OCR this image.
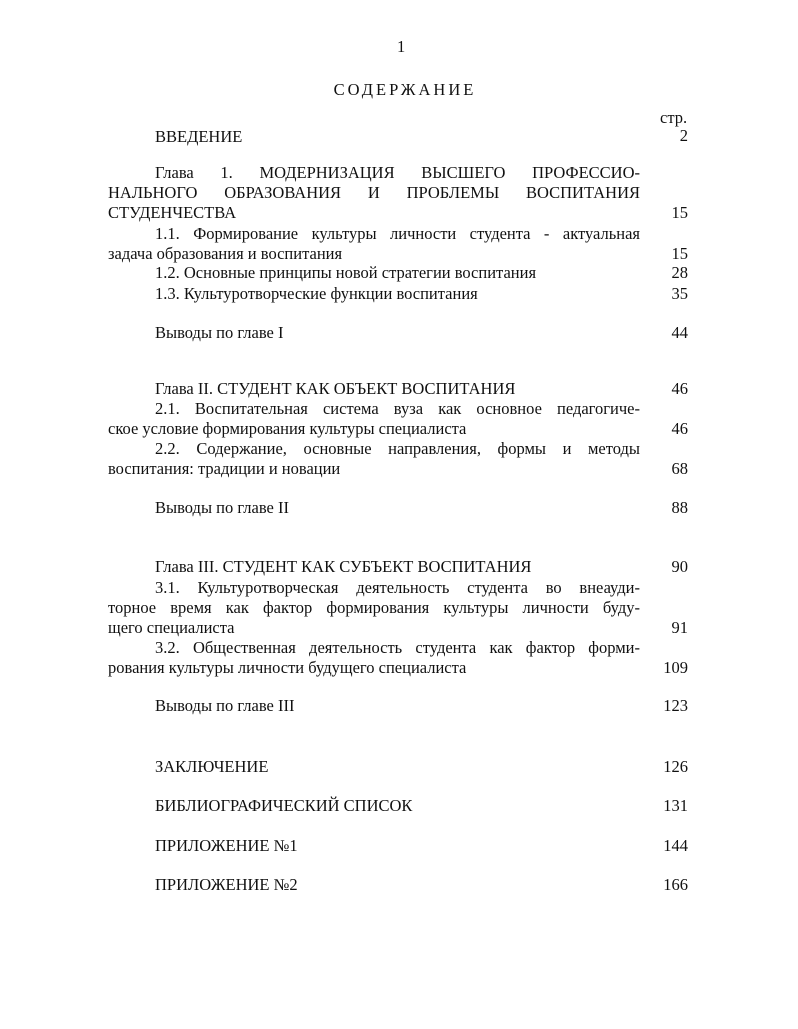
1
СОДЕРЖАНИЕ
стр.
ВВЕДЕНИЕ	2
Глава 1. МОДЕРНИЗАЦИЯ ВЫСШЕГО ПРОФЕССИО-
НАЛЬНОГО ОБРАЗОВАНИЯ И ПРОБЛЕМЫ ВОСПИТАНИЯ
СТУДЕНЧЕСТВА	15
1.1. Формирование культуры личности студента - актуальная
задача образования и воспитания	15
1.2. Основные принципы новой стратегии воспитания	28
1.3. Культуротворческие функции воспитания	35
Выводы по главе I	44
Глава II. СТУДЕНТ КАК ОБЪЕКТ ВОСПИТАНИЯ	46
2.1. Воспитательная система вуза как основное педагогиче-
ское условие формирования культуры специалиста	46
2.2. Содержание, основные направления, формы и методы
воспитания: традиции и новации	68
Выводы по главе II	88
Глава III. СТУДЕНТ КАК СУБЪЕКТ ВОСПИТАНИЯ	90
3.1. Культуротворческая деятельность студента во внеауди-
торное время как фактор формирования культуры личности буду-
щего специалиста	91
3.2. Общественная деятельность студента как фактор форми-
рования культуры личности будущего специалиста	109
Выводы по главе III	123
ЗАКЛЮЧЕНИЕ	126
БИБЛИОГРАФИЧЕСКИЙ СПИСОК	131
ПРИЛОЖЕНИЕ №1	144
ПРИЛОЖЕНИЕ №2	166
